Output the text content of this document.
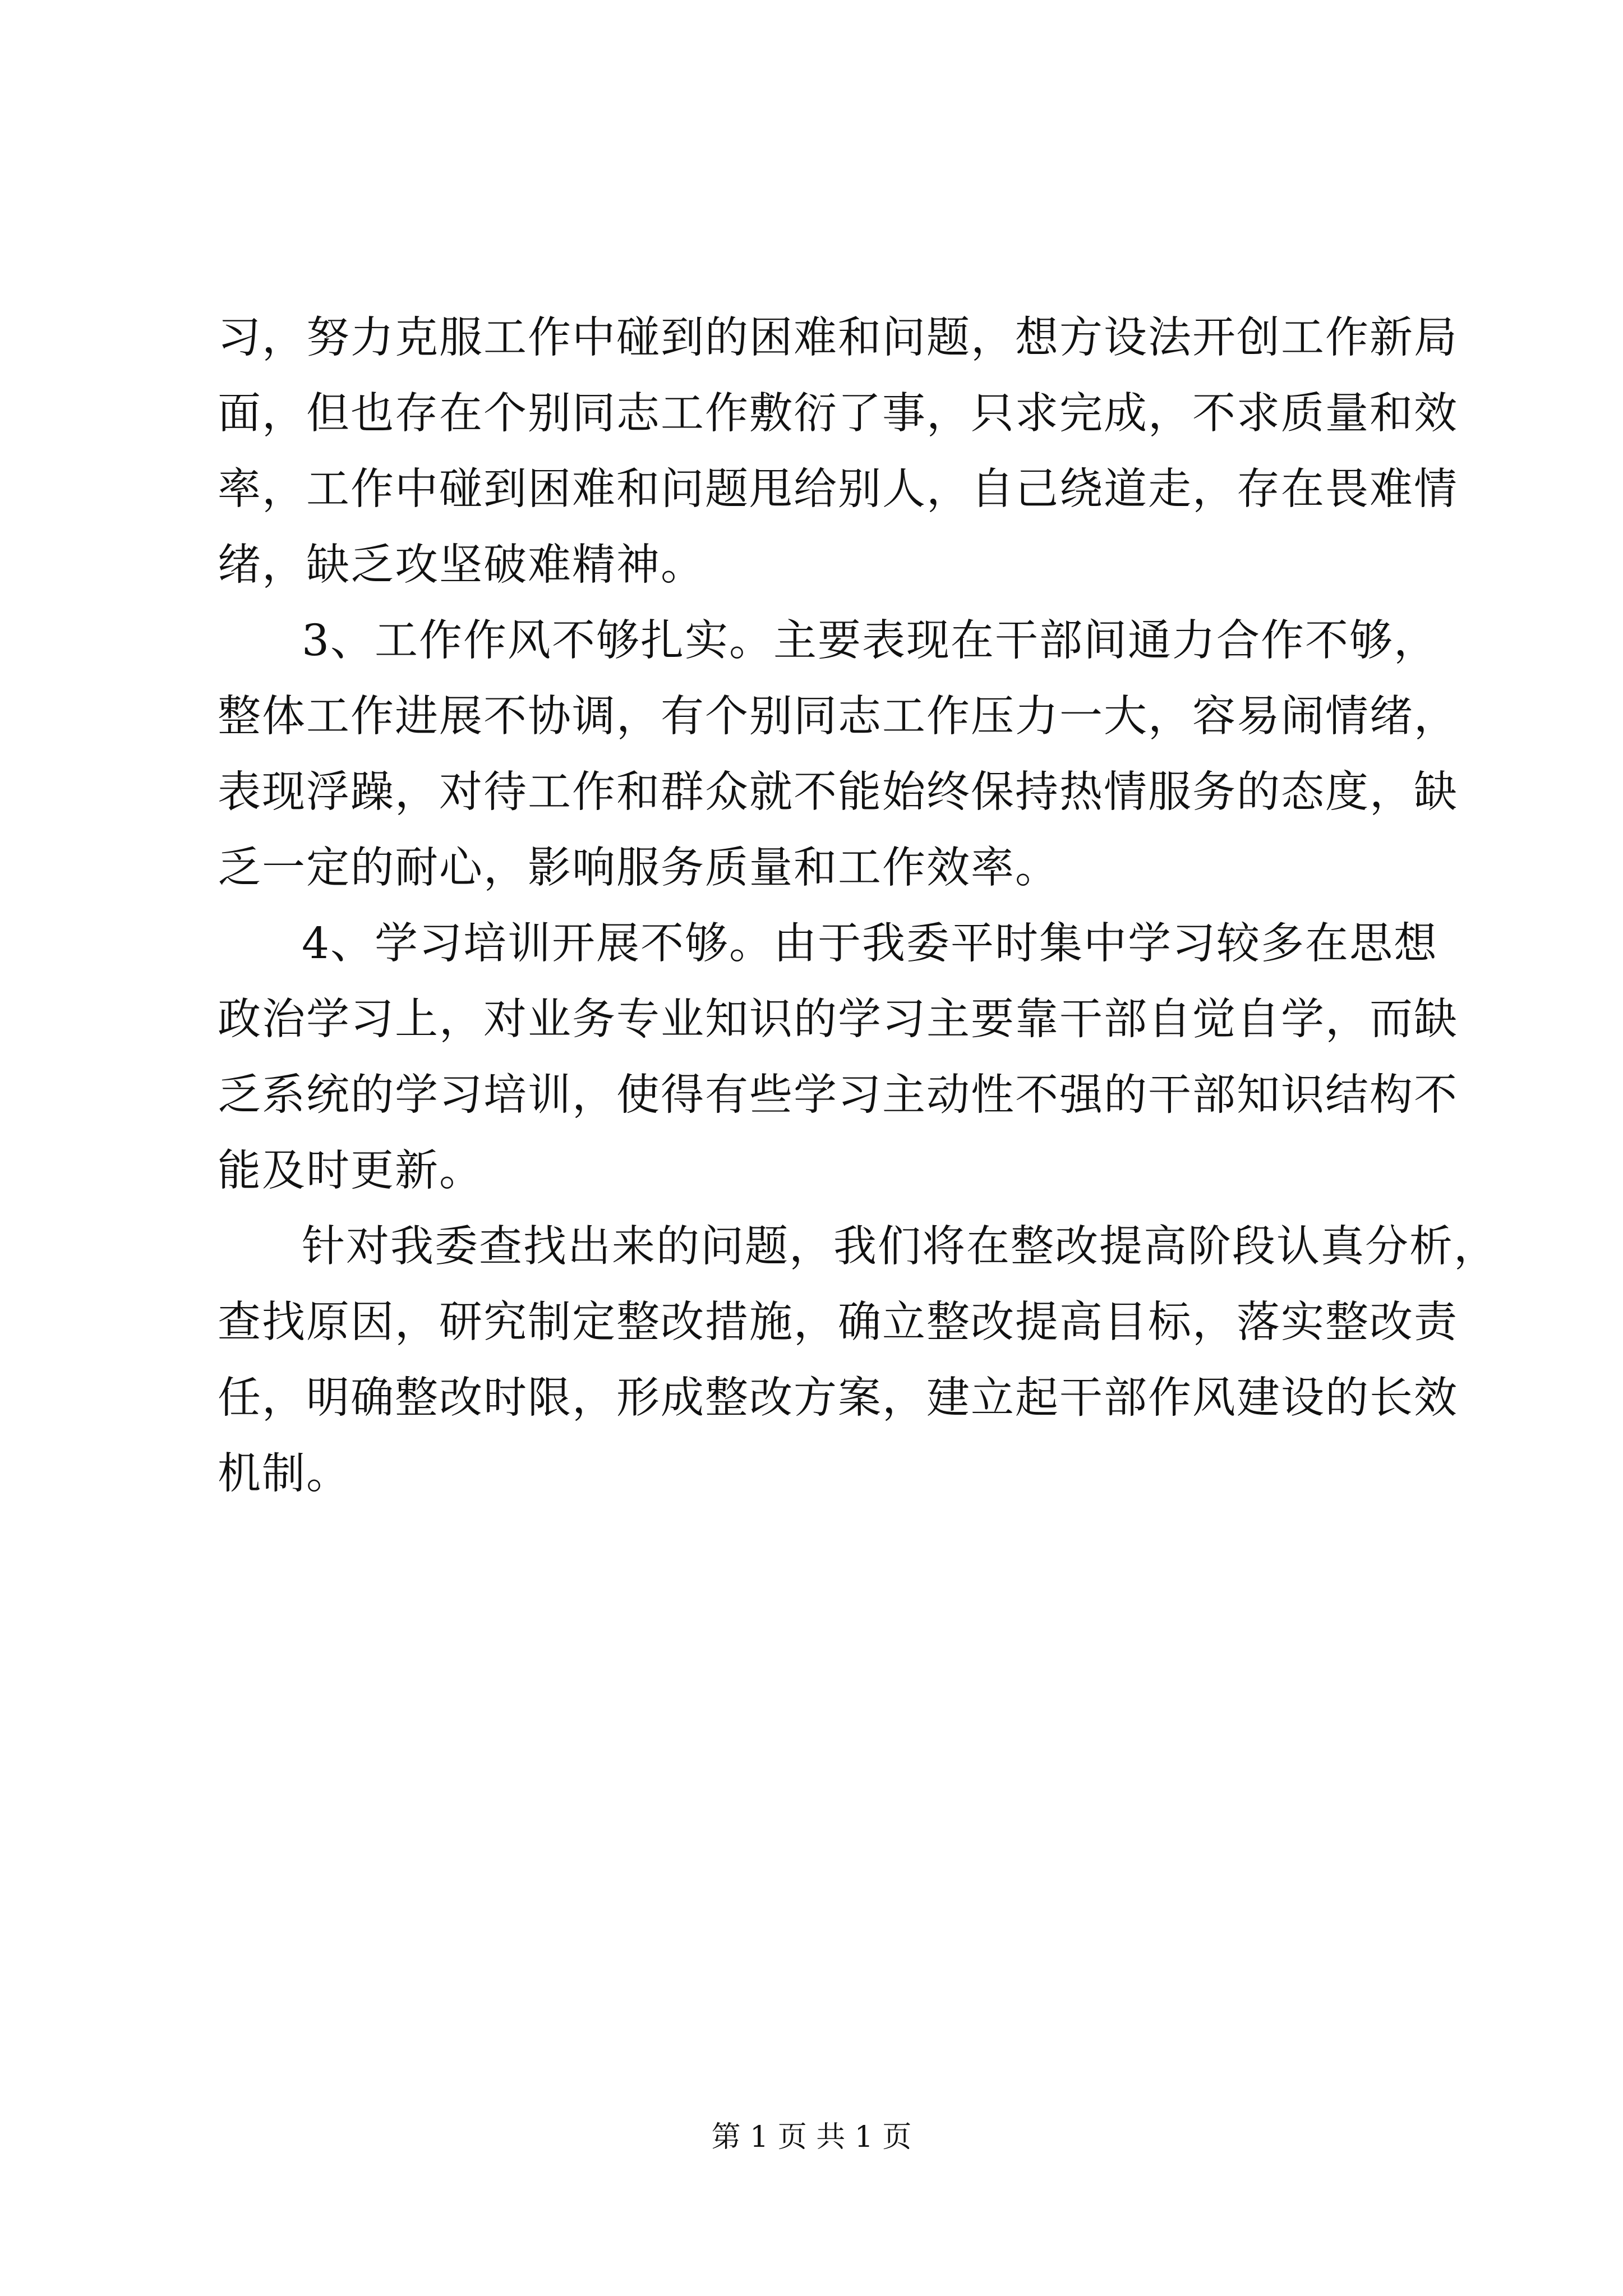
习，努力克服工作中碰到的困难和问题，想方设法开创工作新局
面，但也存在个别同志工作敷衍了事，只求完成，不求质量和效
率，工作中碰到困难和问题甩给别人，自己绕道走，存在畏难情
绪，缺乏攻坚破难精神。
3、工作作风不够扎实。主要表现在干部间通力合作不够，
整体工作进展不协调，有个别同志工作压力一大，容易闹情绪，
表现浮躁，对待工作和群众就不能始终保持热情服务的态度，缺
乏一定的耐心，影响服务质量和工作效率。
4、学习培训开展不够。由于我委平时集中学习较多在思想
政治学习上，对业务专业知识的学习主要靠干部自觉自学，而缺
乏系统的学习培训，使得有些学习主动性不强的干部知识结构不
能及时更新。
针对我委查找出来的问题，我们将在整改提高阶段认真分析，
查找原因，研究制定整改措施，确立整改提高目标，落实整改责
任，明确整改时限，形成整改方案，建立起干部作风建设的长效
机制。
第 1 页 共 1 页
